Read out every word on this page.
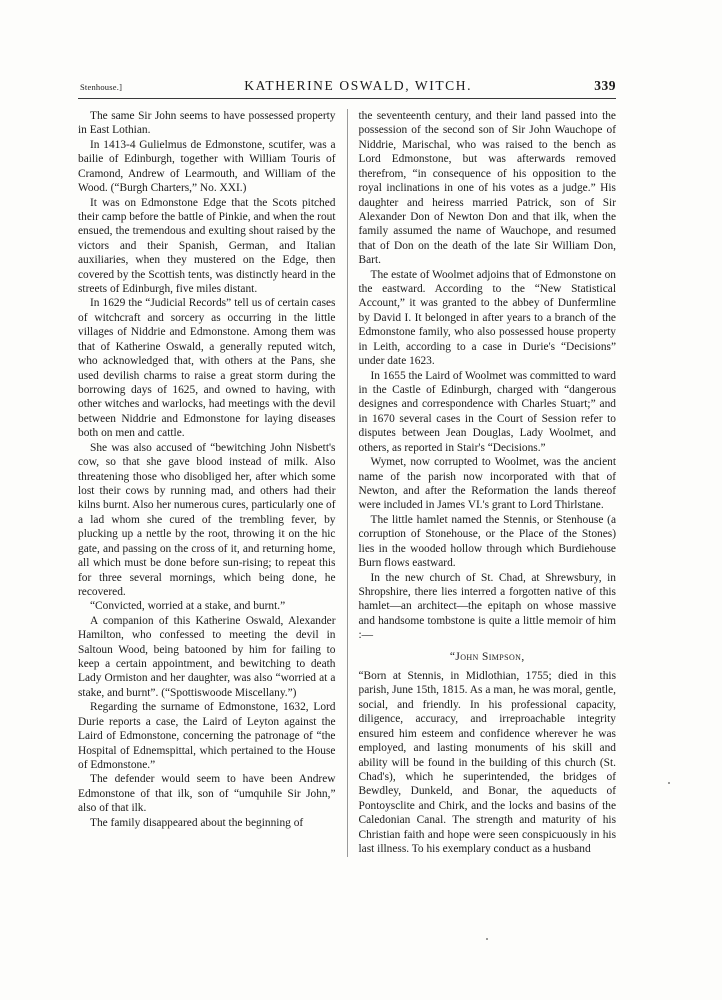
Stenhouse.]	KATHERINE OSWALD, WITCH.	339

The same Sir John seems to have possessed property in East Lothian.

In 1413-4 Gulielmus de Edmonstone, scutifer, was a bailie of Edinburgh, together with William Touris of Cramond, Andrew of Learmouth, and William of the Wood. (“Burgh Charters,” No. XXI.)

It was on Edmonstone Edge that the Scots pitched their camp before the battle of Pinkie, and when the rout ensued, the tremendous and exulting shout raised by the victors and their Spanish, German, and Italian auxiliaries, when they mustered on the Edge, then covered by the Scottish tents, was distinctly heard in the streets of Edinburgh, five miles distant.

In 1629 the “Judicial Records” tell us of certain cases of witchcraft and sorcery as occurring in the little villages of Niddrie and Edmonstone. Among them was that of Katherine Oswald, a generally reputed witch, who acknowledged that, with others at the Pans, she used devilish charms to raise a great storm during the borrowing days of 1625, and owned to having, with other witches and warlocks, had meetings with the devil between Niddrie and Edmonstone for laying diseases both on men and cattle.

She was also accused of “bewitching John Nisbett's cow, so that she gave blood instead of milk. Also threatening those who disobliged her, after which some lost their cows by running mad, and others had their kilns burnt. Also her numerous cures, particularly one of a lad whom she cured of the trembling fever, by plucking up a nettle by the root, throwing it on the hic gate, and passing on the cross of it, and returning home, all which must be done before sun-rising; to repeat this for three several mornings, which being done, he recovered.

“Convicted, worried at a stake, and burnt.”

A companion of this Katherine Oswald, Alexander Hamilton, who confessed to meeting the devil in Saltoun Wood, being batooned by him for failing to keep a certain appointment, and bewitching to death Lady Ormiston and her daughter, was also “worried at a stake, and burnt”. (“Spottiswoode Miscellany.”)

Regarding the surname of Edmonstone, 1632, Lord Durie reports a case, the Laird of Leyton against the Laird of Edmonstone, concerning the patronage of “the Hospital of Ednemspittal, which pertained to the House of Edmonstone.”

The defender would seem to have been Andrew Edmonstone of that ilk, son of “umquhile Sir John,” also of that ilk.

The family disappeared about the beginning of

the seventeenth century, and their land passed into the possession of the second son of Sir John Wauchope of Niddrie, Marischal, who was raised to the bench as Lord Edmonstone, but was afterwards removed therefrom, “in consequence of his opposition to the royal inclinations in one of his votes as a judge.” His daughter and heiress married Patrick, son of Sir Alexander Don of Newton Don and that ilk, when the family assumed the name of Wauchope, and resumed that of Don on the death of the late Sir William Don, Bart.

The estate of Woolmet adjoins that of Edmonstone on the eastward. According to the “New Statistical Account,” it was granted to the abbey of Dunfermline by David I. It belonged in after years to a branch of the Edmonstone family, who also possessed house property in Leith, according to a case in Durie's “Decisions” under date 1623.

In 1655 the Laird of Woolmet was committed to ward in the Castle of Edinburgh, charged with “dangerous designes and correspondence with Charles Stuart;” and in 1670 several cases in the Court of Session refer to disputes between Jean Douglas, Lady Woolmet, and others, as reported in Stair's “Decisions.”

Wymet, now corrupted to Woolmet, was the ancient name of the parish now incorporated with that of Newton, and after the Reformation the lands thereof were included in James VI.'s grant to Lord Thirlstane.

The little hamlet named the Stennis, or Stenhouse (a corruption of Stonehouse, or the Place of the Stones) lies in the wooded hollow through which Burdiehouse Burn flows eastward.

In the new church of St. Chad, at Shrewsbury, in Shropshire, there lies interred a forgotten native of this hamlet—an architect—the epitaph on whose massive and handsome tombstone is quite a little memoir of him :—

“John Simpson,

“Born at Stennis, in Midlothian, 1755; died in this parish, June 15th, 1815. As a man, he was moral, gentle, social, and friendly. In his professional capacity, diligence, accuracy, and irreproachable integrity ensured him esteem and confidence wherever he was employed, and lasting monuments of his skill and ability will be found in the building of this church (St. Chad's), which he superintended, the bridges of Bewdley, Dunkeld, and Bonar, the aqueducts of Pontoysclite and Chirk, and the locks and basins of the Caledonian Canal. The strength and maturity of his Christian faith and hope were seen conspicuously in his last illness. To his exemplary conduct as a husband
